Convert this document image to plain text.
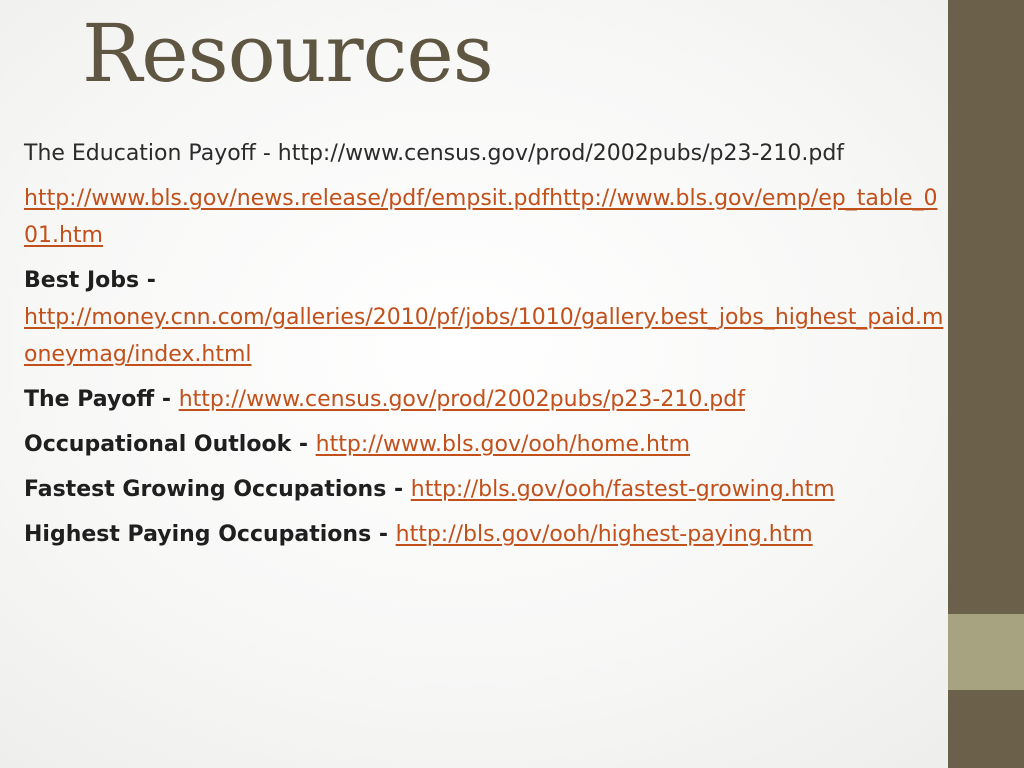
Resources

The Education Payoff - http://www.census.gov/prod/2002pubs/p23-210.pdf

http://www.bls.gov/news.release/pdf/empsit.pdfhttp://www.bls.gov/emp/ep_table_001.htm

Best Jobs -
http://money.cnn.com/galleries/2010/pf/jobs/1010/gallery.best_jobs_highest_paid.moneymag/index.html

The Payoff - http://www.census.gov/prod/2002pubs/p23-210.pdf

Occupational Outlook - http://www.bls.gov/ooh/home.htm

Fastest Growing Occupations - http://bls.gov/ooh/fastest-growing.htm

Highest Paying Occupations - http://bls.gov/ooh/highest-paying.htm
